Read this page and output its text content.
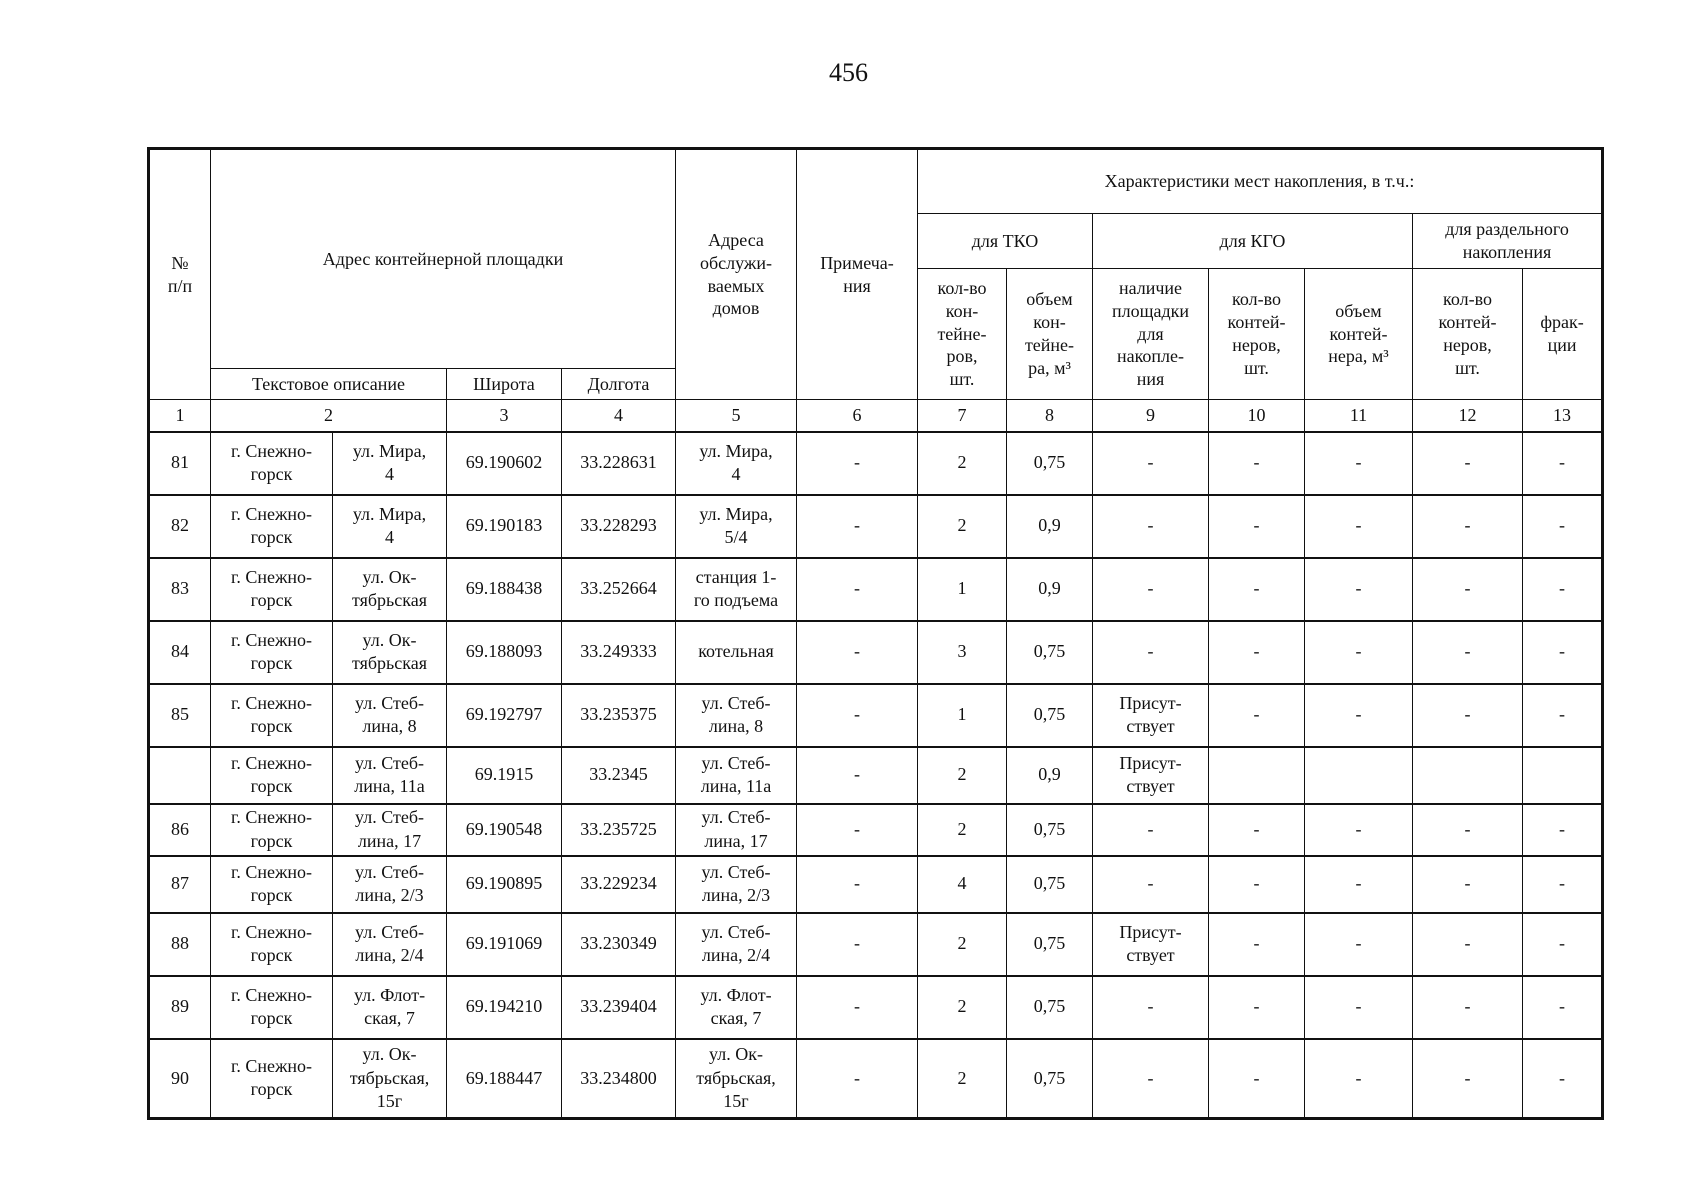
456
№
п/п	Адрес контейнерной площадки				Адреса
обслужи-
ваемых
домов	Примеча-
ния	Характеристики мест накопления, в т.ч.:						
							для ТКО		для КГО			для раздельного
накопления	
							кол-во
кон-
тейне-
ров,
шт.	объем
кон-
тейне-
ра, м³	наличие
площадки
для
накопле-
ния	кол-во
контей-
неров,
шт.	объем
контей-
нера, м³	кол-во
контей-
неров,
шт.	фрак-
ции
	Текстовое описание		Широта	Долгота									
1	2		3	4	5	6	7	8	9	10	11	12	13
81	г. Снежно-
горск	ул. Мира,
4	69.190602	33.228631	ул. Мира,
4	-	2	0,75	-	-	-	-	-
82	г. Снежно-
горск	ул. Мира,
4	69.190183	33.228293	ул. Мира,
5/4	-	2	0,9	-	-	-	-	-
83	г. Снежно-
горск	ул. Ок-
тябрьская	69.188438	33.252664	станция 1-
го подъема	-	1	0,9	-	-	-	-	-
84	г. Снежно-
горск	ул. Ок-
тябрьская	69.188093	33.249333	котельная	-	3	0,75	-	-	-	-	-
85	г. Снежно-
горск	ул. Стеб-
лина, 8	69.192797	33.235375	ул. Стеб-
лина, 8	-	1	0,75	Присут-
ствует	-	-	-	-
	г. Снежно-
горск	ул. Стеб-
лина, 11а	69.1915	33.2345	ул. Стеб-
лина, 11а	-	2	0,9	Присут-
ствует				
86	г. Снежно-
горск	ул. Стеб-
лина, 17	69.190548	33.235725	ул. Стеб-
лина, 17	-	2	0,75	-	-	-	-	-
87	г. Снежно-
горск	ул. Стеб-
лина, 2/3	69.190895	33.229234	ул. Стеб-
лина, 2/3	-	4	0,75	-	-	-	-	-
88	г. Снежно-
горск	ул. Стеб-
лина, 2/4	69.191069	33.230349	ул. Стеб-
лина, 2/4	-	2	0,75	Присут-
ствует	-	-	-	-
89	г. Снежно-
горск	ул. Флот-
ская, 7	69.194210	33.239404	ул. Флот-
ская, 7	-	2	0,75	-	-	-	-	-
90	г. Снежно-
горск	ул. Ок-
тябрьская,
15г	69.188447	33.234800	ул. Ок-
тябрьская,
15г	-	2	0,75	-	-	-	-	-
